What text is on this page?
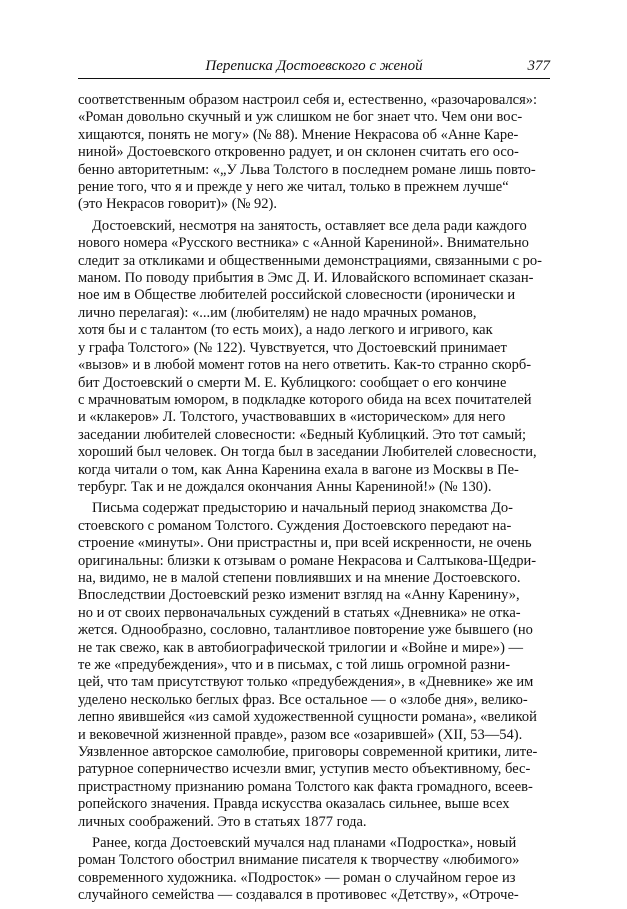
Переписка Достоевского с женой	377
соответственным образом настроил себя и, естественно, «разочаровался»:
«Роман довольно скучный и уж слишком не бог знает что. Чем они вос-
хищаются, понять не могу» (№ 88). Мнение Некрасова об «Анне Каре-
ниной» Достоевского откровенно радует, и он склонен считать его осо-
бенно авторитетным: «„У Льва Толстого в последнем романе лишь повто-
рение того, что я и прежде у него же читал, только в прежнем лучше“
(это Некрасов говорит)» (№ 92).
Достоевский, несмотря на занятость, оставляет все дела ради каждого
нового номера «Русского вестника» с «Анной Карениной». Внимательно
следит за откликами и общественными демонстрациями, связанными с ро-
маном. По поводу прибытия в Эмс Д. И. Иловайского вспоминает сказан-
ное им в Обществе любителей российской словесности (иронически и
лично перелагая): «...им (любителям) не надо мрачных романов,
хотя бы и с талантом (то есть моих), а надо легкого и игривого, как
у графа Толстого» (№ 122). Чувствуется, что Достоевский принимает
«вызов» и в любой момент готов на него ответить. Как-то странно скорб-
бит Достоевский о смерти М. Е. Кублицкого: сообщает о его кончине
с мрачноватым юмором, в подкладке которого обида на всех почитателей
и «клакеров» Л. Толстого, участвовавших в «историческом» для него
заседании любителей словесности: «Бедный Кублицкий. Это тот самый;
хороший был человек. Он тогда был в заседании Любителей словесности,
когда читали о том, как Анна Каренина ехала в вагоне из Москвы в Пе-
тербург. Так и не дождался окончания Анны Карениной!» (№ 130).
Письма содержат предысторию и начальный период знакомства До-
стоевского с романом Толстого. Суждения Достоевского передают на-
строение «минуты». Они пристрастны и, при всей искренности, не очень
оригинальны: близки к отзывам о романе Некрасова и Салтыкова-Щедри-
на, видимо, не в малой степени повлиявших и на мнение Достоевского.
Впоследствии Достоевский резко изменит взгляд на «Анну Каренину»,
но и от своих первоначальных суждений в статьях «Дневника» не откa-
жется. Однообразно, сословно, талантливое повторение уже бывшего (но
не так свежо, как в автобиографической трилогии и «Войне и мире») —
те же «предубеждения», что и в письмах, с той лишь огромной разни-
цей, что там присутствуют только «предубеждения», в «Дневнике» же им
уделено несколько беглых фраз. Все остальное — о «злобе дня», велико-
лепно явившейся «из самой художественной сущности романа», «великой
и вековечной жизненной правде», разом все «озарившей» (XII, 53—54).
Уязвленное авторское самолюбие, приговоры современной критики, лите-
ратурное соперничество исчезли вмиг, уступив место объективному, бес-
пристрастному признанию романа Толстого как факта громадного, всеев-
ропейского значения. Правда искусства оказалась сильнее, выше всех
личных соображений. Это в статьях 1877 года.
Ранее, когда Достоевский мучался над планами «Подростка», новый
роман Толстого обострил внимание писателя к творчеству «любимого»
современного художника. «Подросток» — роман о случайном герое из
случайного семейства — создавался в противовес «Детству», «Отроче-
